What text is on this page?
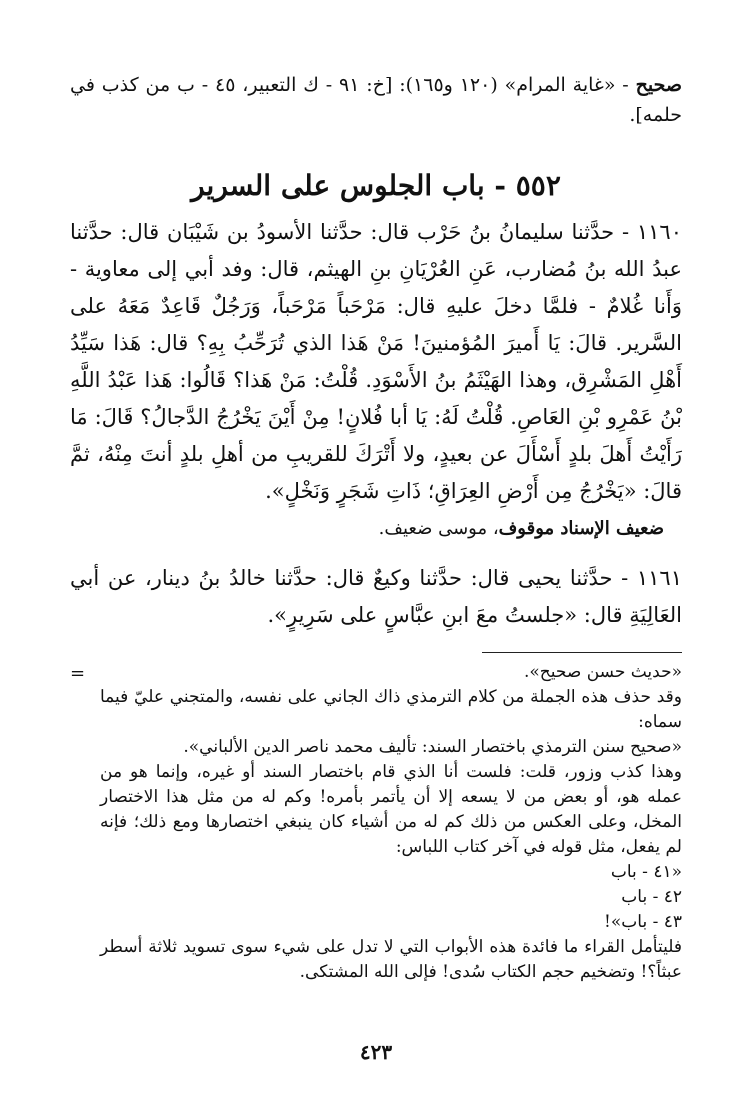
صحيح - «غاية المرام» (١٢٠ و١٦٥): [خ: ٩١ - ك التعبير، ٤٥ - ب من كذب في حلمه].
٥٥٢ - باب الجلوس على السرير
١١٦٠ - حدَّثنا سليمانُ بنُ حَرْب قال: حدَّثنا الأسودُ بن شَيْبَان قال: حدَّثنا عبدُ الله بنُ مُضارب، عَنِ العُرْيَانِ بنِ الهيثم، قال: وفد أبي إلى معاوية - وَأَنا غُلامٌ - فلمَّا دخلَ عليهِ قال: مَرْحَباً مَرْحَباً، وَرَجُلٌ قَاعِدٌ مَعَهُ على السَّرير. قالَ: يَا أَميرَ المُؤمنينَ! مَنْ هَذا الذي تُرَحِّبُ بِهِ؟ قال: هَذا سَيِّدُ أَهْلِ المَشْرِق، وهذا الهَيْثَمُ بنُ الأَسْوَدِ. قُلْتُ: مَنْ هَذا؟ قَالُوا: هَذا عَبْدُ اللَّهِ بْنُ عَمْرِو بْنِ العَاصِ. قُلْتُ لَهُ: يَا أبا فُلانٍ! مِنْ أَيْنَ يَخْرُجُ الدَّجالُ؟ قَالَ: مَا رَأَيْتُ أَهلَ بلدٍ أَسْأَلَ عن بعيدٍ، ولا أَتْرَكَ للقريبِ من أهلِ بلدٍ أنتَ مِنْهُ، ثمَّ قالَ: «يَخْرُجُ مِن أَرْضِ العِرَاقِ؛ ذَاتِ شَجَرٍ وَنَخْلٍ».
ضعيف الإسناد موقوف، موسى ضعيف.
١١٦١ - حدَّثنا يحيى قال: حدَّثنا وكيعٌ قال: حدَّثنا خالدُ بنُ دينار، عن أبي العَالِيَةِ قال: «جلستُ معَ ابنِ عبَّاسٍ على سَرِيرٍ».
=	«حديث حسن صحيح».

وقد حذف هذه الجملة من كلام الترمذي ذاك الجاني على نفسه، والمتجني عليّ فيما سماه:

«صحيح سنن الترمذي باختصار السند: تأليف محمد ناصر الدين الألباني».

وهذا كذب وزور، قلت: فلست أنا الذي قام باختصار السند أو غيره، وإنما هو من عمله هو، أو بعض من لا يسعه إلا أن يأتمر بأمره! وكم له من مثل هذا الاختصار المخل، وعلى العكس من ذلك كم له من أشياء كان ينبغي اختصارها ومع ذلك؛ فإنه لم يفعل، مثل قوله في آخر كتاب اللباس:

«٤١ - باب

٤٢ - باب

٤٣ - باب»!

فليتأمل القراء ما فائدة هذه الأبواب التي لا تدل على شيء سوى تسويد ثلاثة أسطر عبثاً؟! وتضخيم حجم الكتاب سُدى! فإلى الله المشتكى.

٤٢٣
